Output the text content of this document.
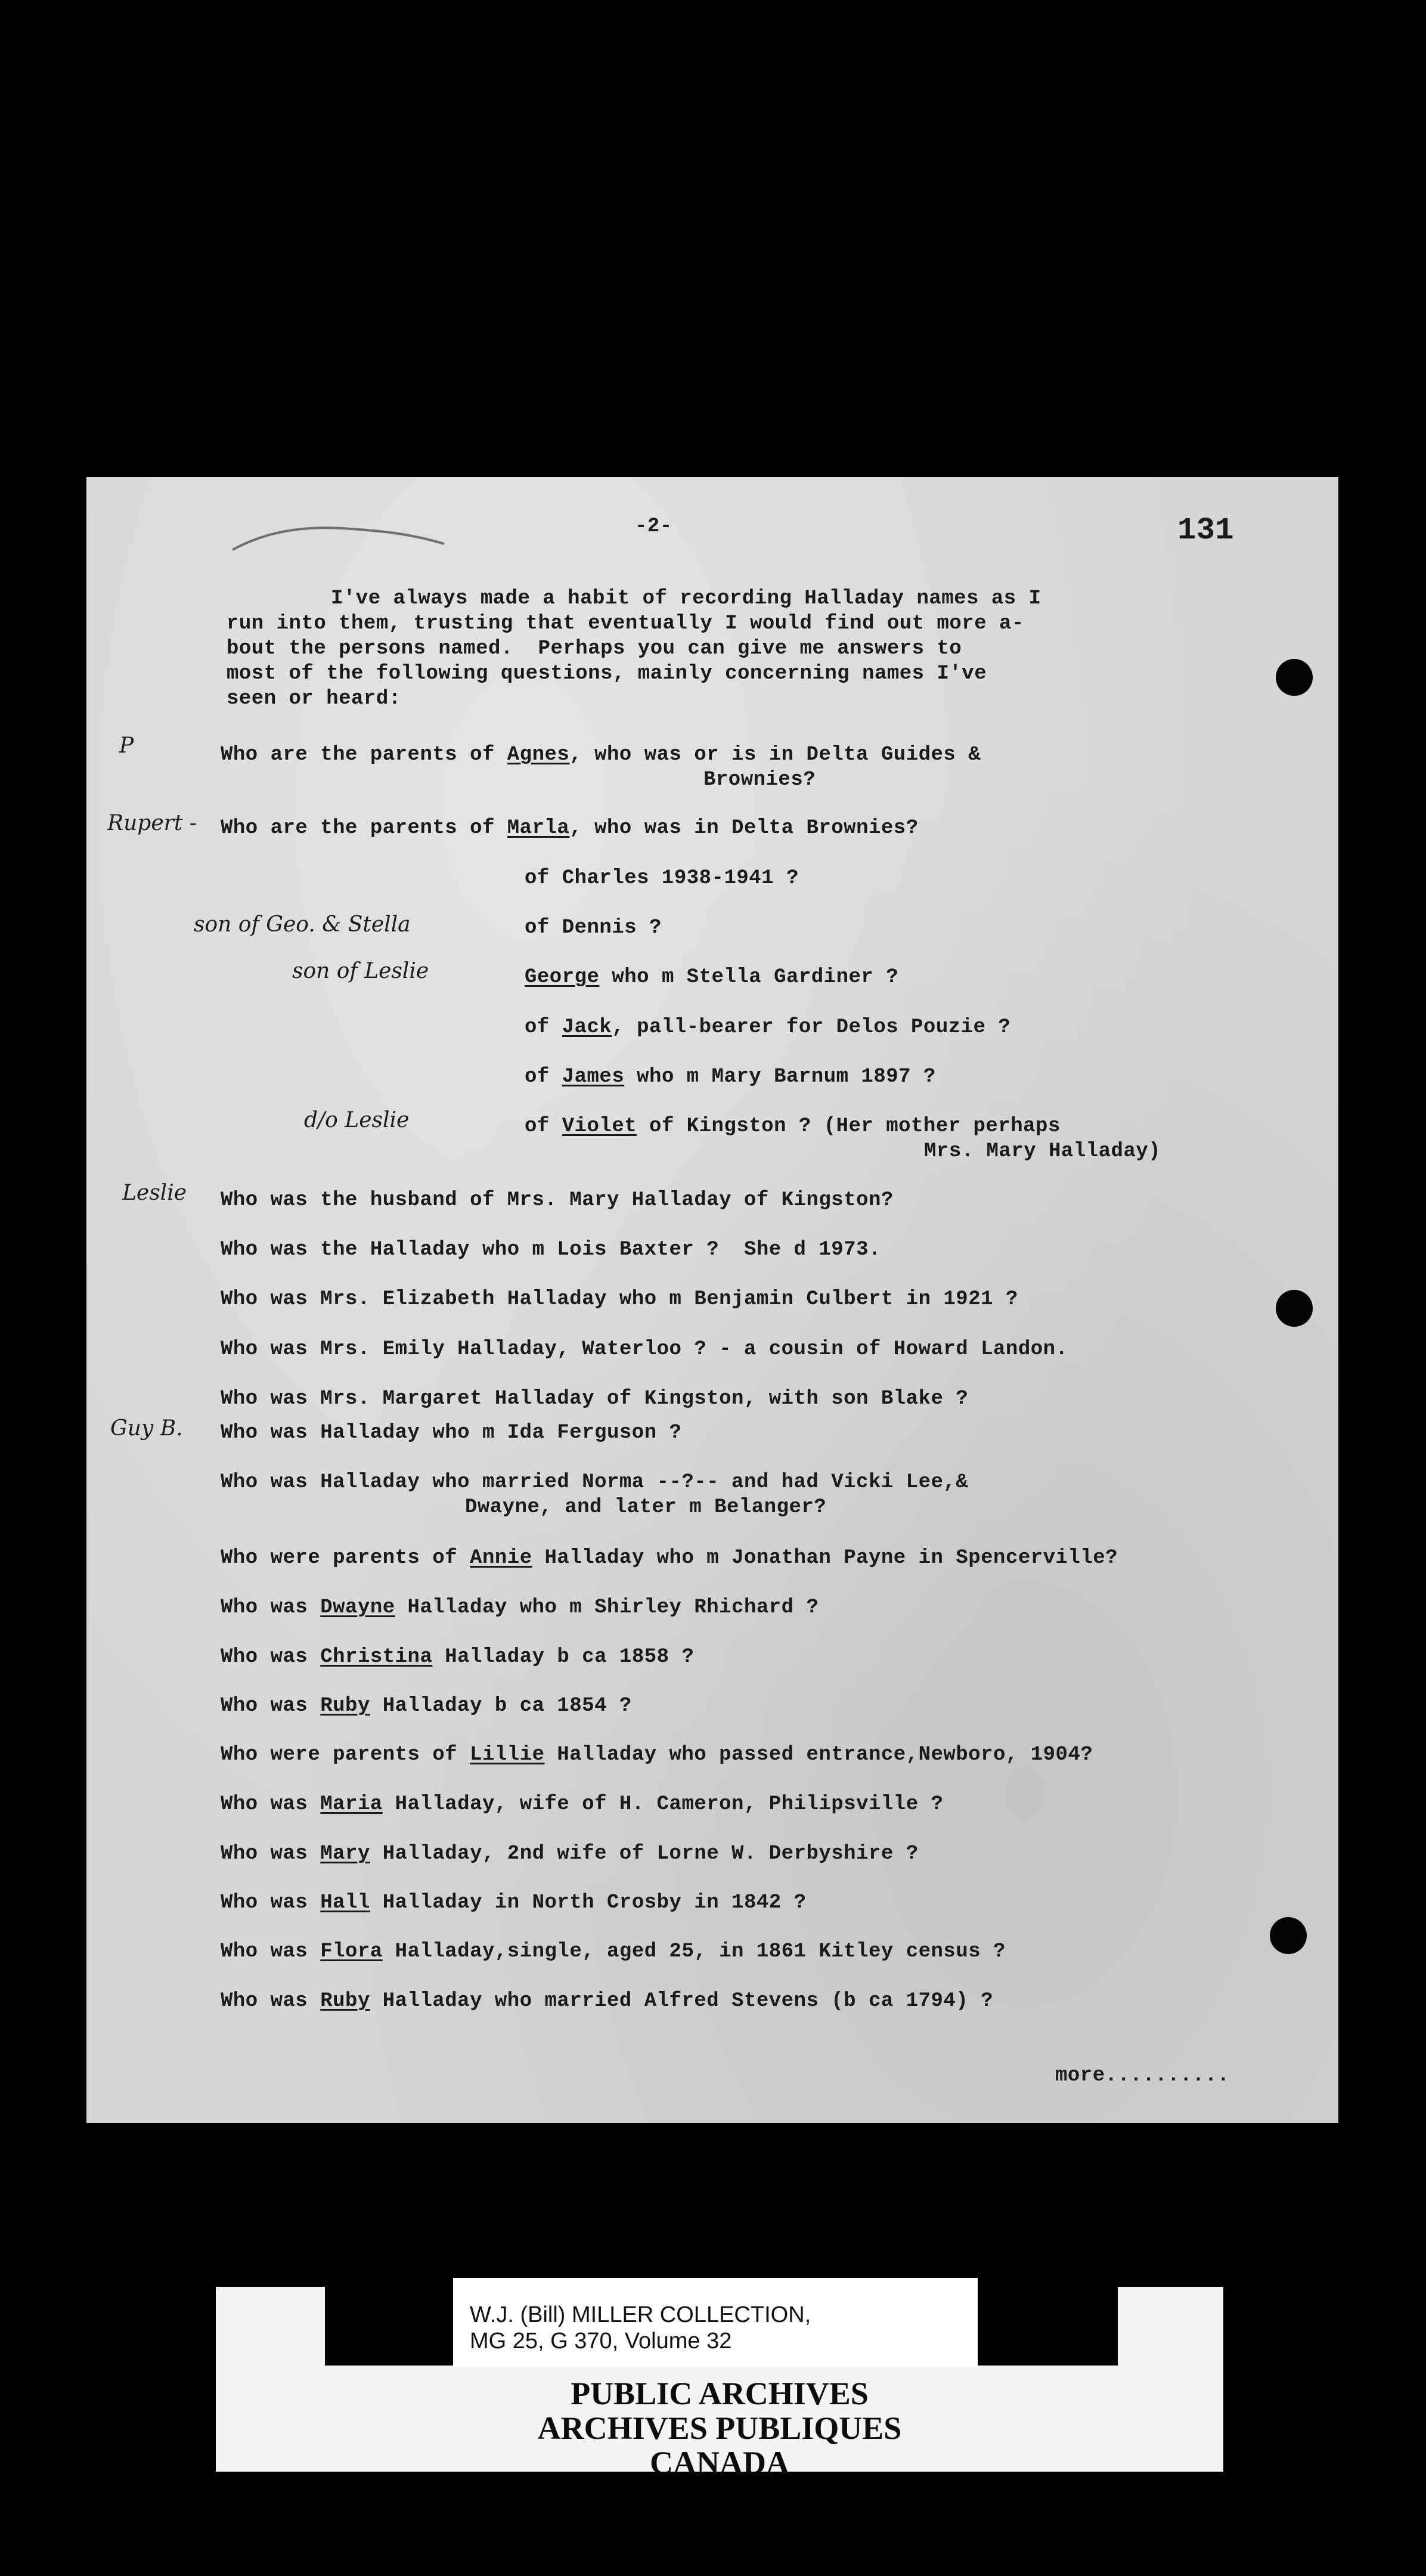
-2-	131
I've always made a habit of recording Halladay names as I
run into them, trusting that eventually I would find out more a-
bout the persons named.  Perhaps you can give me answers to
most of the following questions, mainly concerning names I've
seen or heard:
P	Who are the parents of Agnes, who was or is in Delta Guides &
Brownies?
Rupert - Who are the parents of Marla, who was in Delta Brownies?
of Charles 1938-1941 ?
son of Geo. & Stella	of Dennis ?
son of Leslie	George who m Stella Gardiner ?
of Jack, pall-bearer for Delos Pouzie ?
of James who m Mary Barnum 1897 ?
d/o Leslie	of Violet of Kingston ? (Her mother perhaps
Mrs. Mary Halladay)
Leslie Who was the husband of Mrs. Mary Halladay of Kingston?
Who was the Halladay who m Lois Baxter ?  She d 1973.
Who was Mrs. Elizabeth Halladay who m Benjamin Culbert in 1921 ?
Who was Mrs. Emily Halladay, Waterloo ? - a cousin of Howard Landon.
Who was Mrs. Margaret Halladay of Kingston, with son Blake ?
Guy B. Who was Halladay who m Ida Ferguson ?
Who was Halladay who married Norma --?-- and had Vicki Lee,&
Dwayne, and later m Belanger?
Who were parents of Annie Halladay who m Jonathan Payne in Spencerville?
Who was Dwayne Halladay who m Shirley Rhichard ?
Who was Christina Halladay b ca 1858 ?
Who was Ruby Halladay b ca 1854 ?
Who were parents of Lillie Halladay who passed entrance,Newboro, 1904?
Who was Maria Halladay, wife of H. Cameron, Philipsville ?
Who was Mary Halladay, 2nd wife of Lorne W. Derbyshire ?
Who was Hall Halladay in North Crosby in 1842 ?
Who was Flora Halladay,single, aged 25, in 1861 Kitley census ?
Who was Ruby Halladay who married Alfred Stevens (b ca 1794) ?
more..........
W.J. (Bill) MILLER COLLECTION,
MG 25, G 370, Volume 32
PUBLIC ARCHIVES
ARCHIVES PUBLIQUES
CANADA
